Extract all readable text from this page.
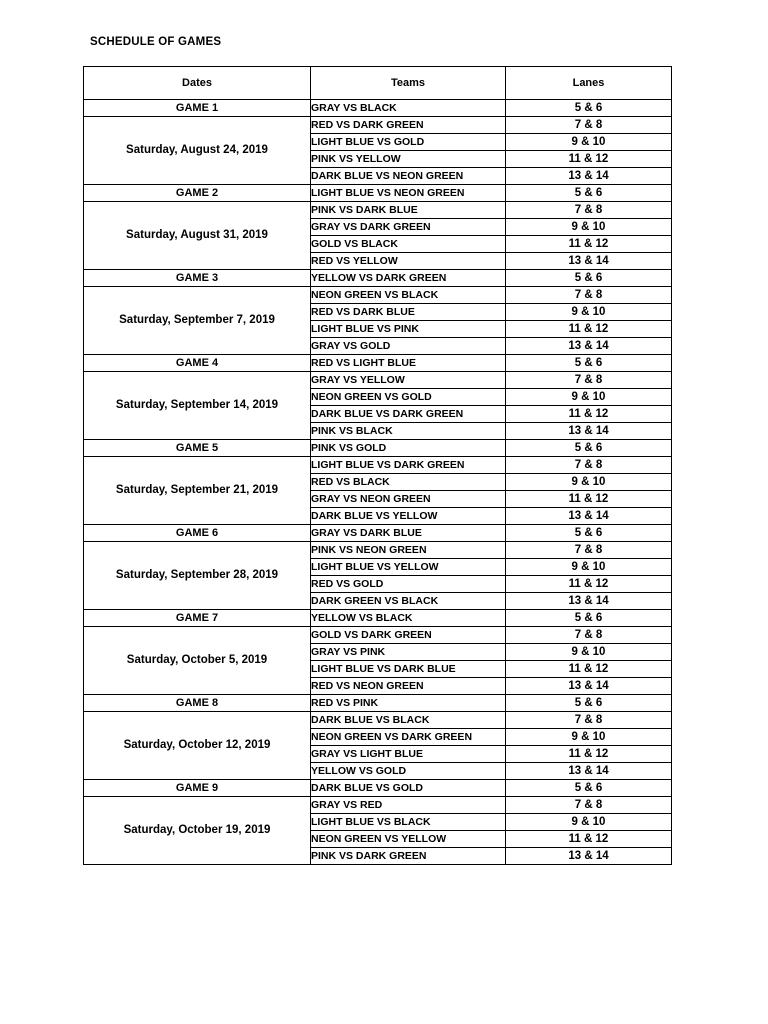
SCHEDULE OF GAMES
Dates	Teams	Lanes
GAME 1	GRAY VS BLACK	5 & 6
Saturday, August 24, 2019	RED VS DARK GREEN	7 & 8
	LIGHT BLUE VS GOLD	9 & 10
	PINK VS YELLOW	11 & 12
	DARK BLUE VS NEON GREEN	13 & 14
GAME 2	LIGHT BLUE VS NEON GREEN	5 & 6
Saturday, August 31, 2019	PINK VS DARK BLUE	7 & 8
	GRAY VS DARK GREEN	9 & 10
	GOLD VS BLACK	11 & 12
	RED VS YELLOW	13 & 14
GAME 3	YELLOW VS DARK GREEN	5 & 6
Saturday, September 7, 2019	NEON GREEN VS BLACK	7 & 8
	RED VS DARK BLUE	9 & 10
	LIGHT BLUE VS PINK	11 & 12
	GRAY VS GOLD	13 & 14
GAME 4	RED VS LIGHT BLUE	5 & 6
Saturday, September 14, 2019	GRAY VS YELLOW	7 & 8
	NEON GREEN VS GOLD	9 & 10
	DARK BLUE VS DARK GREEN	11 & 12
	PINK VS BLACK	13 & 14
GAME 5	PINK VS GOLD	5 & 6
Saturday, September 21, 2019	LIGHT BLUE VS DARK GREEN	7 & 8
	RED VS BLACK	9 & 10
	GRAY VS NEON GREEN	11 & 12
	DARK BLUE VS YELLOW	13 & 14
GAME 6	GRAY VS DARK BLUE	5 & 6
Saturday, September 28, 2019	PINK VS NEON GREEN	7 & 8
	LIGHT BLUE VS YELLOW	9 & 10
	RED VS GOLD	11 & 12
	DARK GREEN VS BLACK	13 & 14
GAME 7	YELLOW VS BLACK	5 & 6
Saturday, October 5, 2019	GOLD VS DARK GREEN	7 & 8
	GRAY VS PINK	9 & 10
	LIGHT BLUE VS DARK BLUE	11 & 12
	RED VS NEON GREEN	13 & 14
GAME 8	RED VS PINK	5 & 6
Saturday, October 12, 2019	DARK BLUE VS BLACK	7 & 8
	NEON GREEN VS DARK GREEN	9 & 10
	GRAY VS LIGHT BLUE	11 & 12
	YELLOW VS GOLD	13 & 14
GAME 9	DARK BLUE VS GOLD	5 & 6
Saturday, October 19, 2019	GRAY VS RED	7 & 8
	LIGHT BLUE VS BLACK	9 & 10
	NEON GREEN VS YELLOW	11 & 12
	PINK VS DARK GREEN	13 & 14
